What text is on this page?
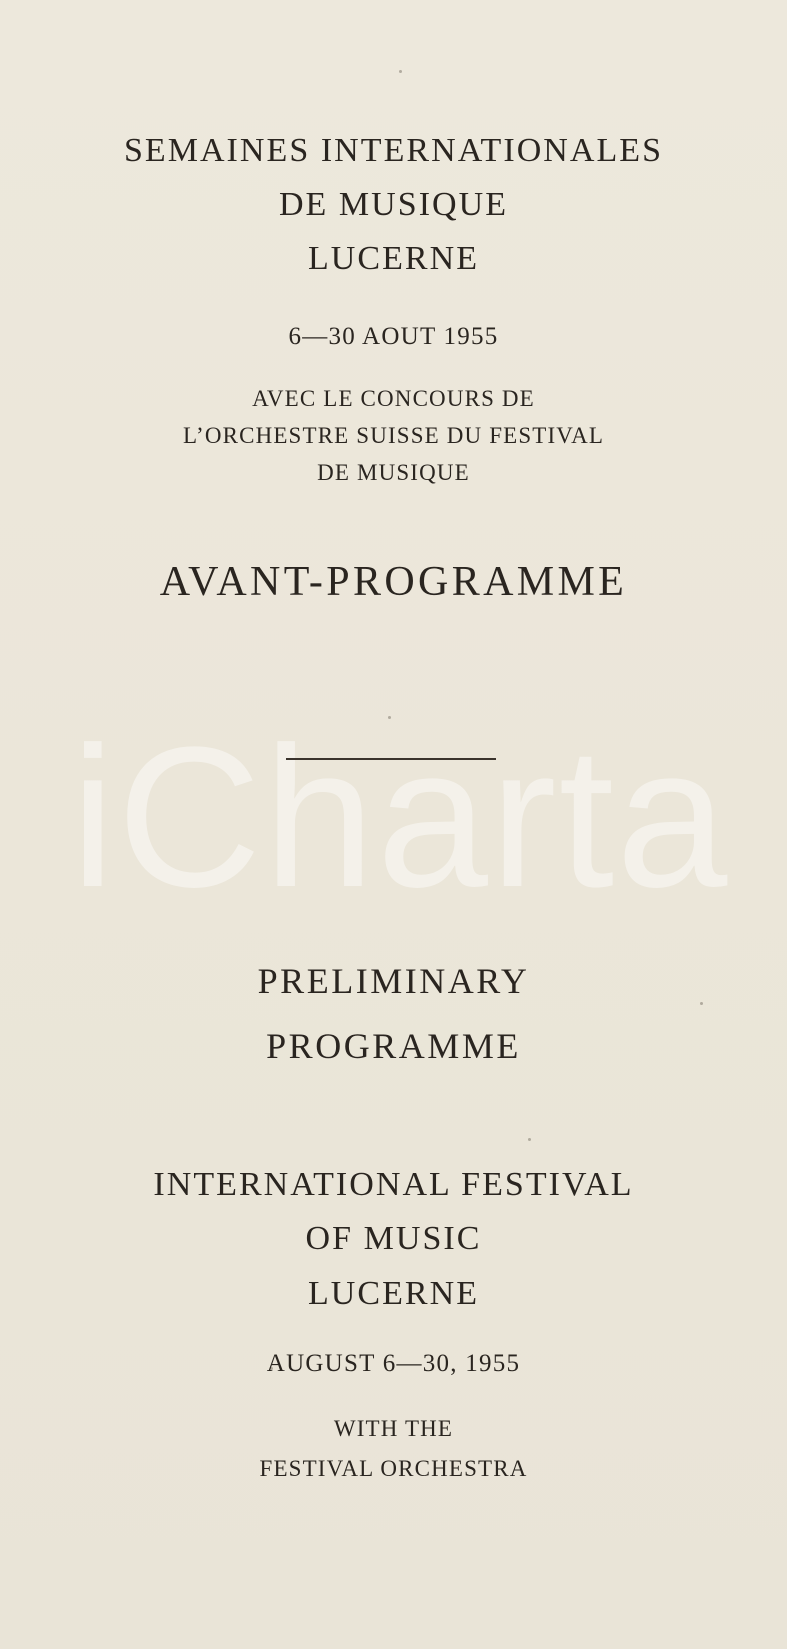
iCharta
SEMAINES INTERNATIONALES
DE MUSIQUE
LUCERNE
6—30 AOUT 1955
AVEC LE CONCOURS DE
L’ORCHESTRE SUISSE DU FESTIVAL
DE MUSIQUE
AVANT-PROGRAMME
PRELIMINARY
PROGRAMME
INTERNATIONAL FESTIVAL
OF MUSIC
LUCERNE
AUGUST 6—30, 1955
WITH THE
FESTIVAL ORCHESTRA
